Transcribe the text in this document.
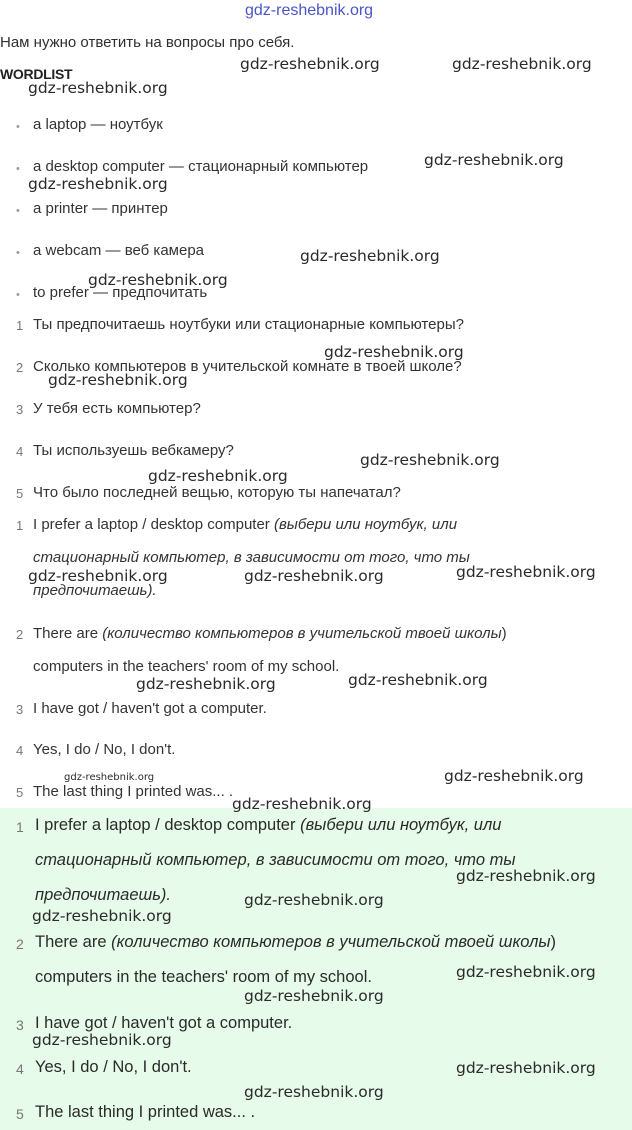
gdz-reshebnik.org
Нам нужно ответить на вопросы про себя.
WORDLIST
• a laptop — ноутбук
• a desktop computer — стационарный компьютер
• a printer — принтер
• a webcam — веб камера
• to prefer — предпочитать
1 Ты предпочитаешь ноутбуки или стационарные компьютеры?
2 Сколько компьютеров в учительской комнате в твоей школе?
3 У тебя есть компьютер?
4 Ты используешь вебкамеру?
5 Что было последней вещью, которую ты напечатал?
1 I prefer a laptop / desktop computer (выбери или ноутбук, или
стационарный компьютер, в зависимости от того, что ты
предпочитаешь).
2 There are (количество компьютеров в учительской твоей школы)
computers in the teachers' room of my school.
3 I have got / haven't got a computer.
4 Yes, I do / No, I don't.
5 The last thing I printed was... .
1 I prefer a laptop / desktop computer (выбери или ноутбук, или
стационарный компьютер, в зависимости от того, что ты
предпочитаешь).
2 There are (количество компьютеров в учительской твоей школы)
computers in the teachers' room of my school.
3 I have got / haven't got a computer.
4 Yes, I do / No, I don't.
5 The last thing I printed was... .
gdz-reshebnik.org	gdz-reshebnik.org
gdz-reshebnik.org
gdz-reshebnik.org
gdz-reshebnik.org
gdz-reshebnik.org
gdz-reshebnik.org
gdz-reshebnik.org
gdz-reshebnik.org
gdz-reshebnik.org
gdz-reshebnik.org
gdz-reshebnik.org	gdz-reshebnik.org	gdz-reshebnik.org
gdz-reshebnik.org	gdz-reshebnik.org
gdz-reshebnik.org	gdz-reshebnik.org
gdz-reshebnik.org
gdz-reshebnik.org
gdz-reshebnik.org
gdz-reshebnik.org
gdz-reshebnik.org
gdz-reshebnik.org
gdz-reshebnik.org
gdz-reshebnik.org
gdz-reshebnik.org
